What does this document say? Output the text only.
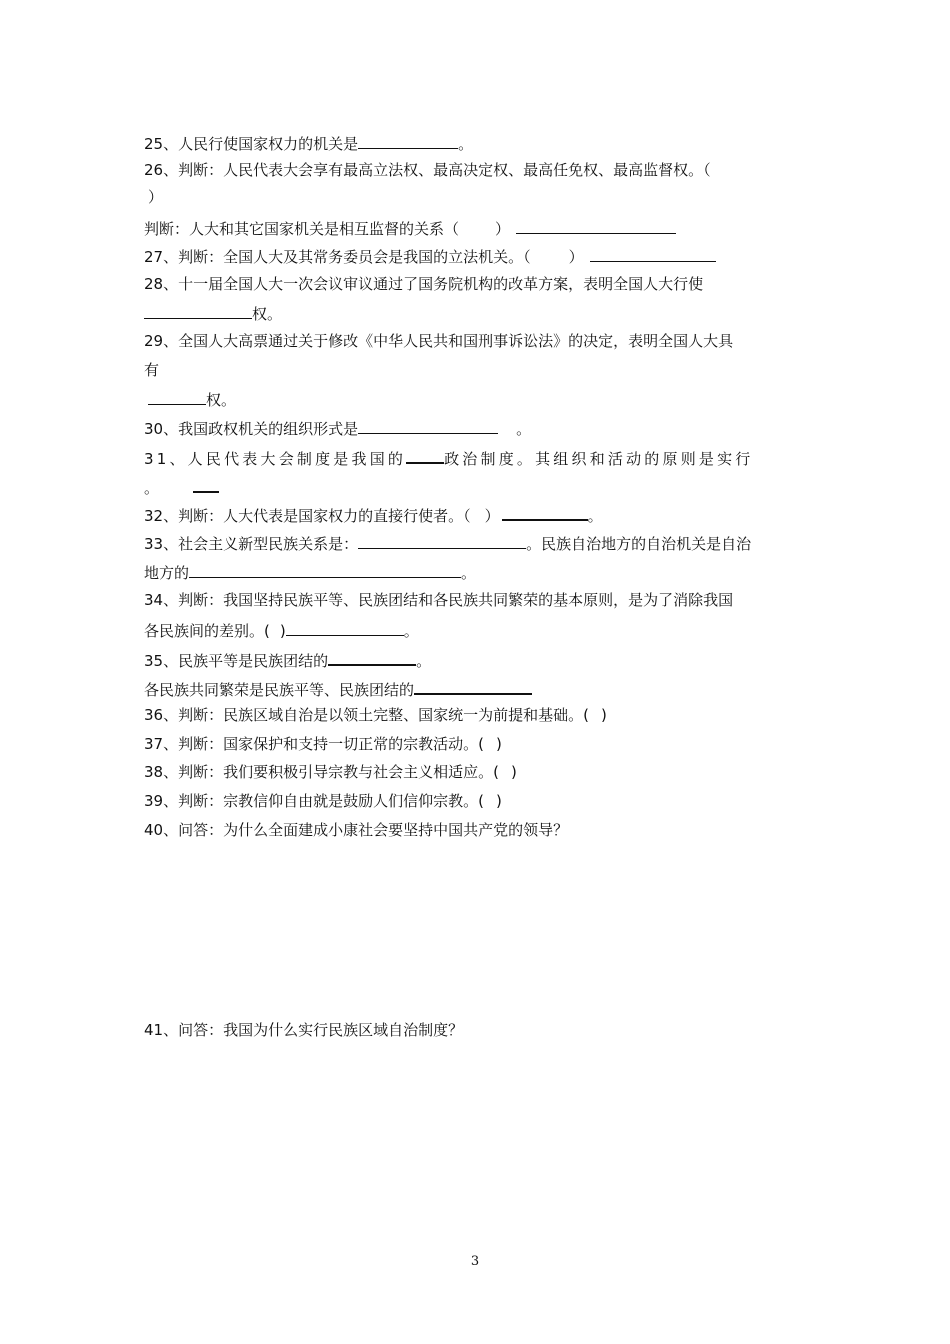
25、人民行使国家权力的机关是	。
26、判断：人民代表大会享有最高立法权、最高决定权、最高任免权、最高监督权。（
）
判断：人大和其它国家机关是相互监督的关系（ ）
27、判断：全国人大及其常务委员会是我国的立法机关。（	）
28、十一届全国人大一次会议审议通过了国务院机构的改革方案，表明全国人大行使
权。
29、全国人大高票通过关于修改《中华人民共和国刑事诉讼法》的决定，表明全国人大具
有
权。
30、我国政权机关的组织形式是	。
31、人民代表大会制度是我国的	政治制度。其组织和活动的原则是实行
。
32、判断：人大代表是国家权力的直接行使者。（ ）	。
33、社会主义新型民族关系是：	。民族自治地方的自治机关是自治
地方的	。
34、判断：我国坚持民族平等、民族团结和各民族共同繁荣的基本原则，是为了消除我国
各民族间的差别。( )	。
35、民族平等是民族团结的	。
各民族共同繁荣是民族平等、民族团结的
36、判断：民族区域自治是以领土完整、国家统一为前提和基础。( )
37、判断：国家保护和支持一切正常的宗教活动。( )
38、判断：我们要积极引导宗教与社会主义相适应。( )
39、判断：宗教信仰自由就是鼓励人们信仰宗教。( )
40、问答：为什么全面建成小康社会要坚持中国共产党的领导？
41、问答：我国为什么实行民族区域自治制度？
3
